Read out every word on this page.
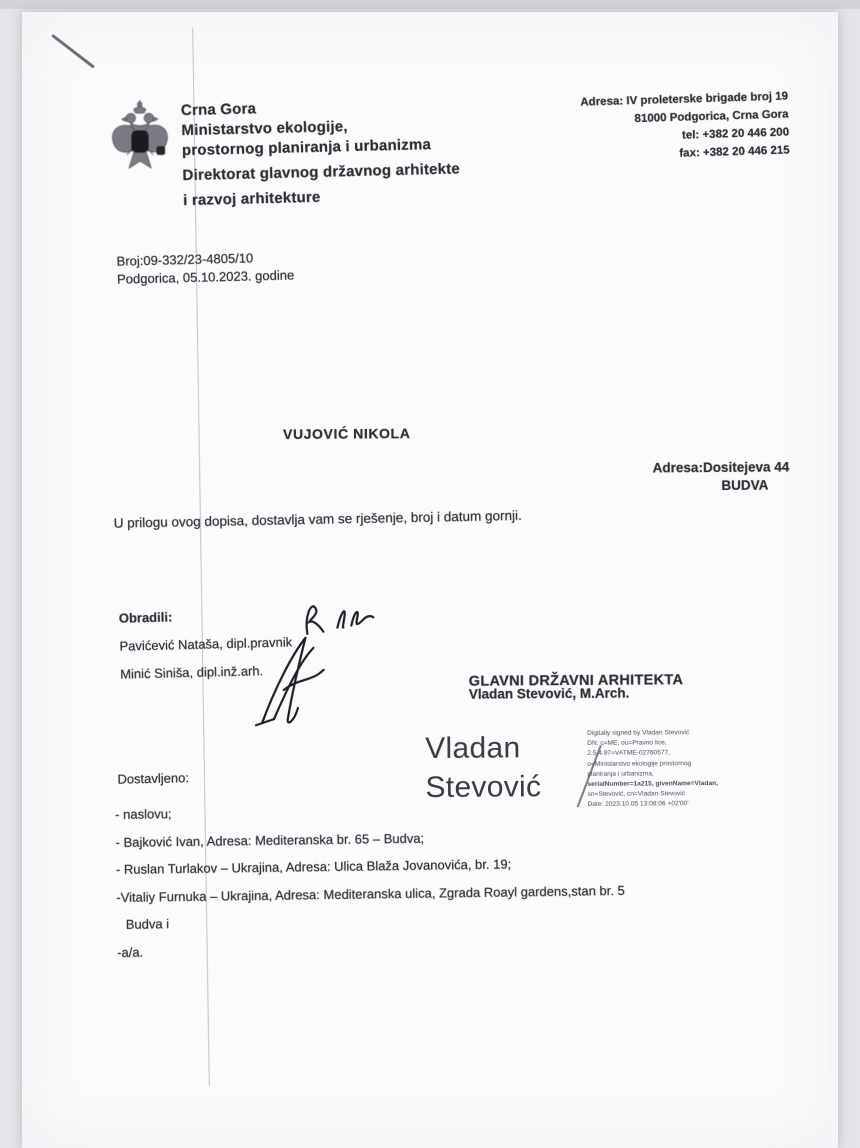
Crna Gora
Ministarstvo ekologije,
prostornog planiranja i urbanizma
Direktorat glavnog državnog arhitekte
i razvoj arhitekture
Adresa: IV proleterske brigade broj 19
81000 Podgorica, Crna Gora
tel: +382 20 446 200
fax: +382 20 446 215
Broj:09-332/23-4805/10
Podgorica, 05.10.2023. godine
VUJOVIĆ NIKOLA
Adresa:Dositejeva 44
BUDVA
U prilogu ovog dopisa, dostavlja vam se rješenje, broj i datum gornji.
Obradili:
Pavićević Nataša, dipl.pravnik
Minić Siniša, dipl.inž.arh.	GLAVNI DRŽAVNI ARHITEKTA
Vladan Stevović, M.Arch.
Vladan
Stevović
Digitally signed by Vladan Stevović
DN: c=ME, ou=Pravno lice,
2.5.4.97=VATME-02760577,
o=Ministarstvo ekologije prostornog
planiranja i urbanizma,
serialNumber=1a215, givenName=Vladan,
sn=Stevović, cn=Vladan Stevović
Date: 2023.10.05 13:08:06 +02'00'
Dostavljeno:
- naslovu;
- Bajković Ivan, Adresa: Mediteranska br. 65 – Budva;
- Ruslan Turlakov – Ukrajina, Adresa: Ulica Blaža Jovanovića, br. 19;
-Vitaliy Furnuka – Ukrajina, Adresa: Mediteranska ulica, Zgrada Roayl gardens,stan br. 5
Budva i
-a/a.
